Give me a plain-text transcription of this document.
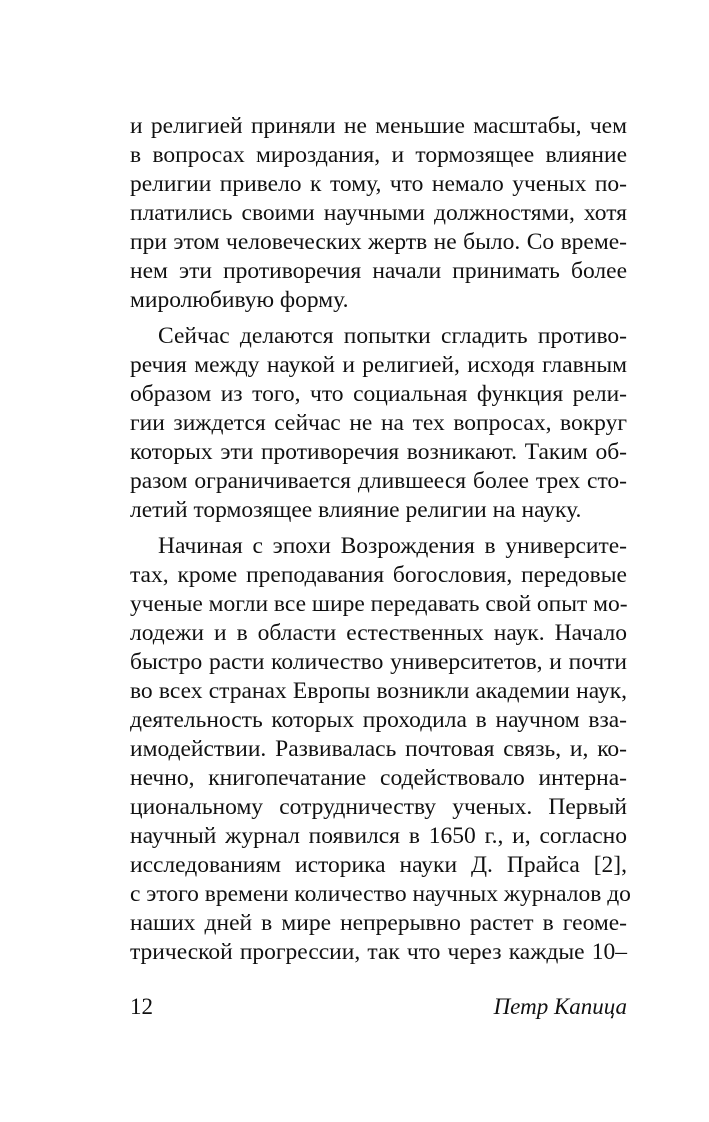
и религией приняли не меньшие масштабы, чем
в вопросах мироздания, и тормозящее влияние
религии привело к тому, что немало ученых по-
платились своими научными должностями, хотя
при этом человеческих жертв не было. Со време-
нем эти противоречия начали принимать более
миролюбивую форму.
Сейчас делаются попытки сгладить противо-
речия между наукой и религией, исходя главным
образом из того, что социальная функция рели-
гии зиждется сейчас не на тех вопросах, вокруг
которых эти противоречия возникают. Таким об-
разом ограничивается длившееся более трех сто-
летий тормозящее влияние религии на науку.
Начиная с эпохи Возрождения в университе-
тах, кроме преподавания богословия, передовые
ученые могли все шире передавать свой опыт мо-
лодежи и в области естественных наук. Начало
быстро расти количество университетов, и почти
во всех странах Европы возникли академии наук,
деятельность которых проходила в научном вза-
имодействии. Развивалась почтовая связь, и, ко-
нечно, книгопечатание содействовало интерна-
циональному сотрудничеству ученых. Первый
научный журнал появился в 1650 г., и, согласно
исследованиям историка науки Д. Прайса [2],
с этого времени количество научных журналов до
наших дней в мире непрерывно растет в геоме-
трической прогрессии, так что через каждые 10–
12	Петр Капица
